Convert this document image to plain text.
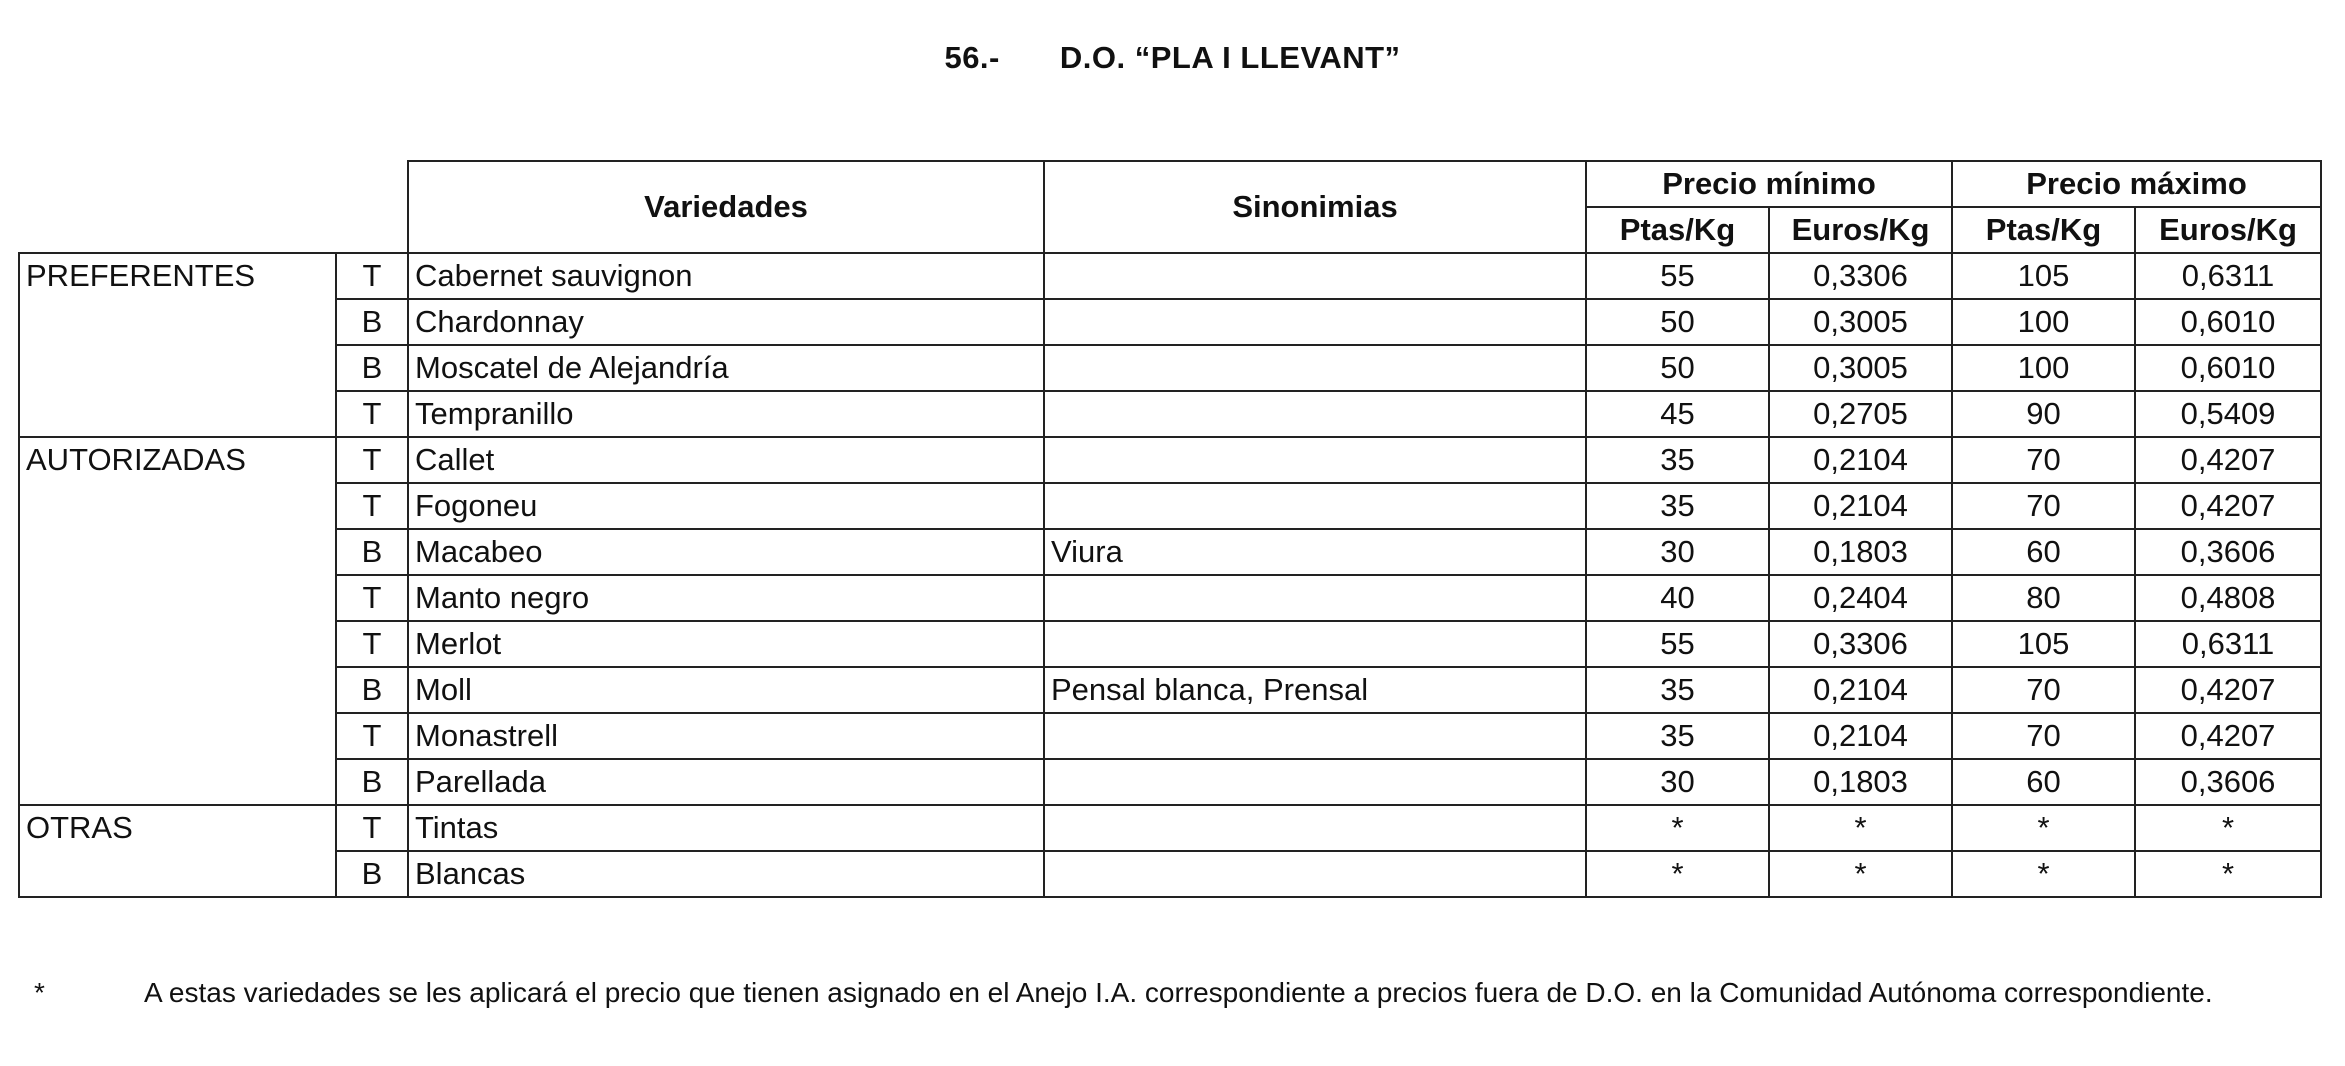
56.- D.O. “PLA I LLEVANT”
		Variedades	Sinonimias	Precio mínimo		Precio máximo	
				Ptas/Kg	Euros/Kg	Ptas/Kg	Euros/Kg
PREFERENTES	T	Cabernet sauvignon		55	0,3306	105	0,6311
	B	Chardonnay		50	0,3005	100	0,6010
	B	Moscatel de Alejandría		50	0,3005	100	0,6010
	T	Tempranillo		45	0,2705	90	0,5409
AUTORIZADAS	T	Callet		35	0,2104	70	0,4207
	T	Fogoneu		35	0,2104	70	0,4207
	B	Macabeo	Viura	30	0,1803	60	0,3606
	T	Manto negro		40	0,2404	80	0,4808
	T	Merlot		55	0,3306	105	0,6311
	B	Moll	Pensal blanca, Prensal	35	0,2104	70	0,4207
	T	Monastrell		35	0,2104	70	0,4207
	B	Parellada		30	0,1803	60	0,3606
OTRAS	T	Tintas		*	*	*	*
	B	Blancas		*	*	*	*
*	A estas variedades se les aplicará el precio que tienen asignado en el Anejo I.A. correspondiente a precios fuera de D.O. en la Comunidad Autónoma correspondiente.
